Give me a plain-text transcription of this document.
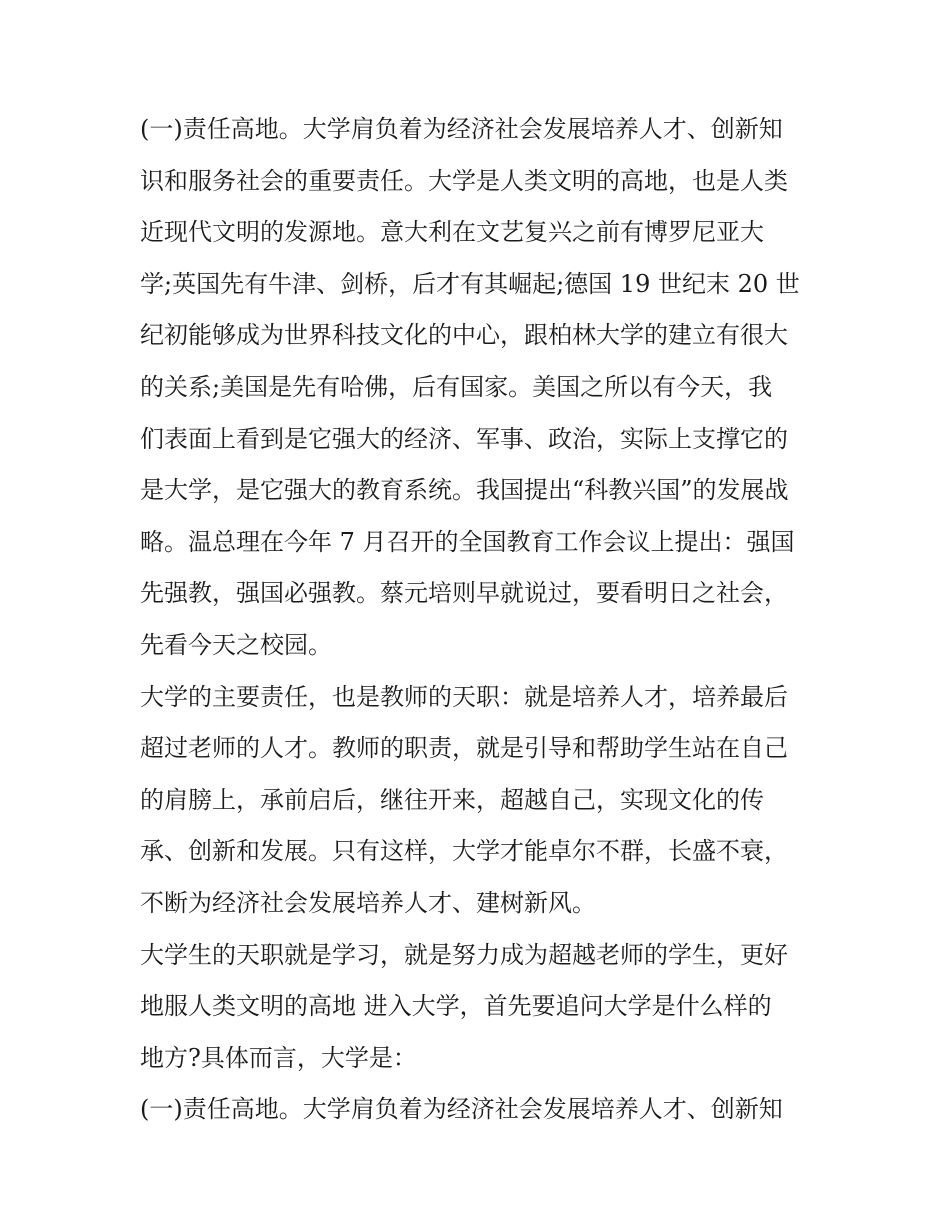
(一)责任高地。大学肩负着为经济社会发展培养人才、创新知
识和服务社会的重要责任。大学是人类文明的高地，也是人类
近现代文明的发源地。意大利在文艺复兴之前有博罗尼亚大
学;英国先有牛津、剑桥，后才有其崛起;德国 19 世纪末 20 世
纪初能够成为世界科技文化的中心，跟柏林大学的建立有很大
的关系;美国是先有哈佛，后有国家。美国之所以有今天，我
们表面上看到是它强大的经济、军事、政治，实际上支撑它的
是大学，是它强大的教育系统。我国提出“科教兴国”的发展战
略。温总理在今年 7 月召开的全国教育工作会议上提出：强国
先强教，强国必强教。蔡元培则早就说过，要看明日之社会，
先看今天之校园。
大学的主要责任，也是教师的天职：就是培养人才，培养最后
超过老师的人才。教师的职责，就是引导和帮助学生站在自己
的肩膀上，承前启后，继往开来，超越自己，实现文化的传
承、创新和发展。只有这样，大学才能卓尔不群，长盛不衰，
不断为经济社会发展培养人才、建树新风。
大学生的天职就是学习，就是努力成为超越老师的学生，更好
地服人类文明的高地 进入大学，首先要追问大学是什么样的
地方?具体而言，大学是：
(一)责任高地。大学肩负着为经济社会发展培养人才、创新知
